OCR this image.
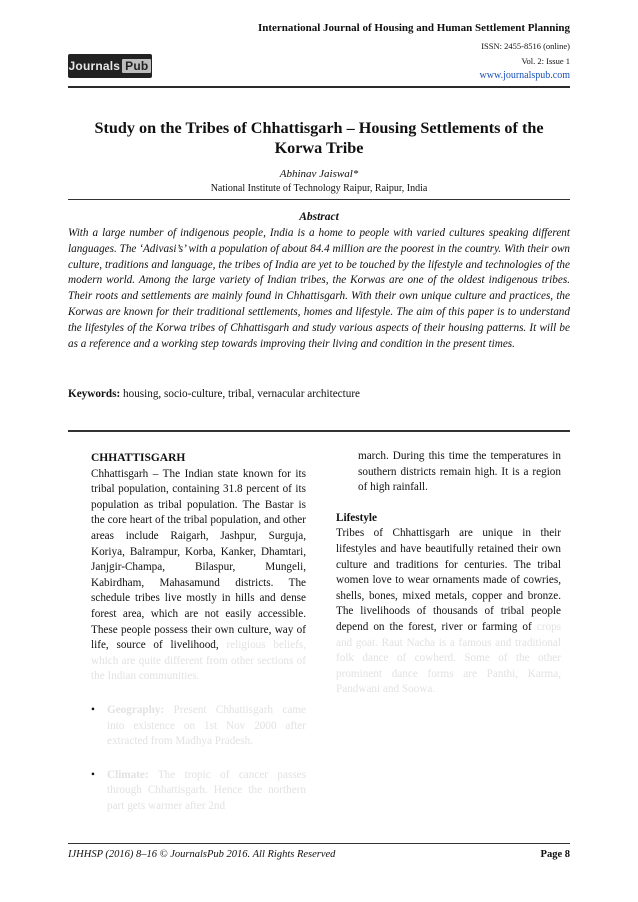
Journals Pub
International Journal of Housing and Human Settlement Planning
ISSN: 2455-8516 (online)
Vol. 2: Issue 1
www.journalspub.com
Study on the Tribes of Chhattisgarh – Housing Settlements of the
Korwa Tribe
Abhinav Jaiswal*
National Institute of Technology Raipur, Raipur, India
Abstract
With a large number of indigenous people, India is a home to people with varied cultures speaking different languages. The ‘Adivasi’s’ with a population of about 84.4 million are the poorest in the country. With their own culture, traditions and language, the tribes of India are yet to be touched by the lifestyle and technologies of the modern world. Among the large variety of Indian tribes, the Korwas are one of the oldest indigenous tribes. Their roots and settlements are mainly found in Chhattisgarh. With their own unique culture and practices, the Korwas are known for their traditional settlements, homes and lifestyle. The aim of this paper is to understand the lifestyles of the Korwa tribes of Chhattisgarh and study various aspects of their housing patterns. It will be as a reference and a working step towards improving their living and condition in the present times.
Keywords: housing, socio-culture, tribal, vernacular architecture
CHHATTISGARH

Chhattisgarh – The Indian state known for its tribal population, containing 31.8 percent of its population as tribal population. The Bastar is the core heart of the tribal population, and other areas include Raigarh, Jashpur, Surguja, Koriya, Balrampur, Korba, Kanker, Dhamtari, Janjgir-Champa, Bilaspur, Mungeli, Kabirdham, Mahasamund districts. The schedule tribes live mostly in hills and dense forest area, which are not easily accessible. These people possess their own culture, way of life, source of livelihood, religious beliefs, which are quite different from other sections of the Indian communities.

• Geography: Present Chhattisgarh came into existence on 1st Nov 2000 after extracted from Madhya Pradesh.
• Climate: The tropic of cancer passes through Chhattisgarh. Hence the northern part gets warmer after 2nd

march. During this time the temperatures in southern districts remain high. It is a region of high rainfall.

Lifestyle

Tribes of Chhattisgarh are unique in their lifestyles and have beautifully retained their own culture and traditions for centuries. The tribal women love to wear ornaments made of cowries, shells, bones, mixed metals, copper and bronze. The livelihoods of thousands of tribal people depend on the forest, river or farming of crops and goat. Raut Nacha is a famous and traditional folk dance of cowherd. Some of the other prominent dance forms are Panthi, Karma, Pandwani and Soowa.

IJHHSP (2016) 8–16 © JournalsPub 2016. All Rights Reserved	Page 8
